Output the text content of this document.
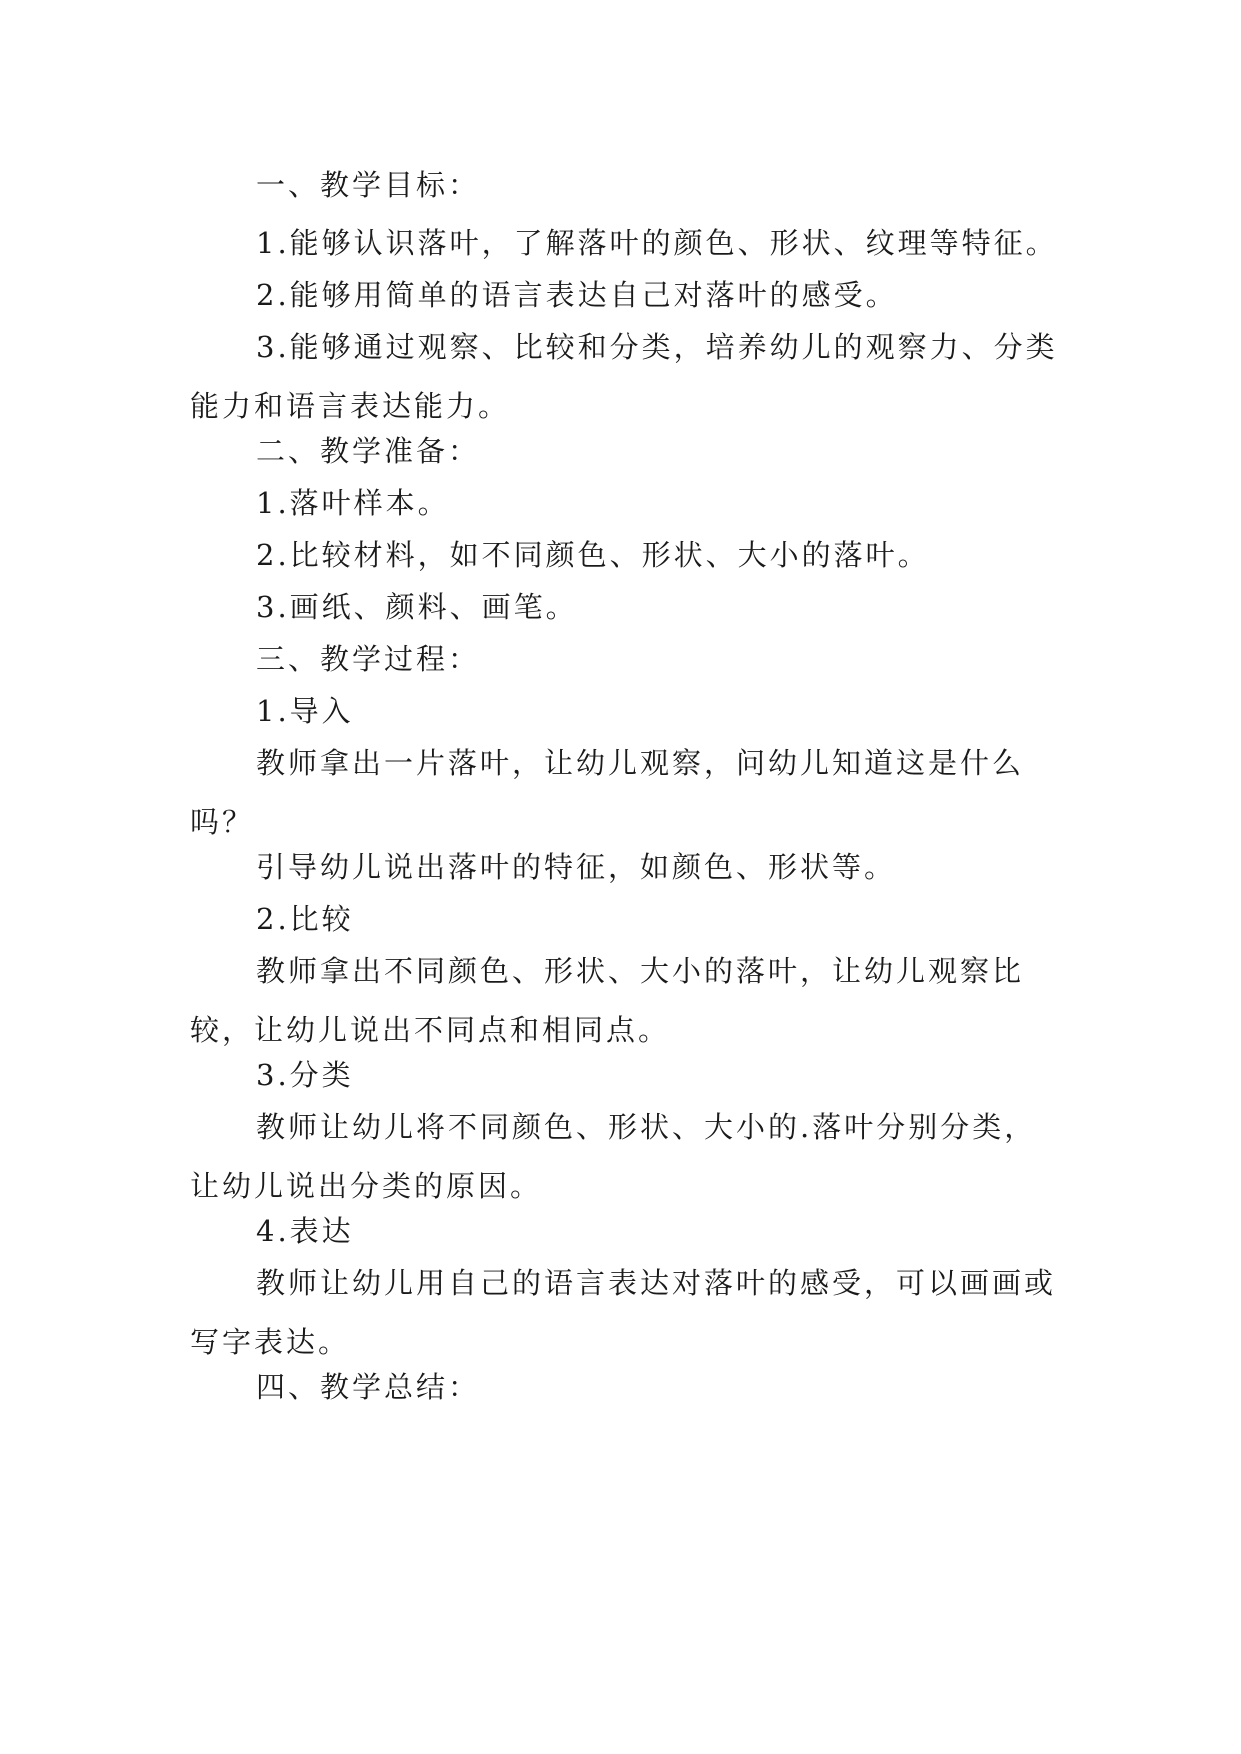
一、教学目标：

1.能够认识落叶，了解落叶的颜色、形状、纹理等特征。

2.能够用简单的语言表达自己对落叶的感受。

3.能够通过观察、比较和分类，培养幼儿的观察力、分类能力和语言表达能力。

二、教学准备：

1.落叶样本。

2.比较材料，如不同颜色、形状、大小的落叶。

3.画纸、颜料、画笔。

三、教学过程：

1.导入

教师拿出一片落叶，让幼儿观察，问幼儿知道这是什么吗？

引导幼儿说出落叶的特征，如颜色、形状等。

2.比较

教师拿出不同颜色、形状、大小的落叶，让幼儿观察比较，让幼儿说出不同点和相同点。

3.分类

教师让幼儿将不同颜色、形状、大小的.落叶分别分类，让幼儿说出分类的原因。

4.表达

教师让幼儿用自己的语言表达对落叶的感受，可以画画或写字表达。

四、教学总结：
